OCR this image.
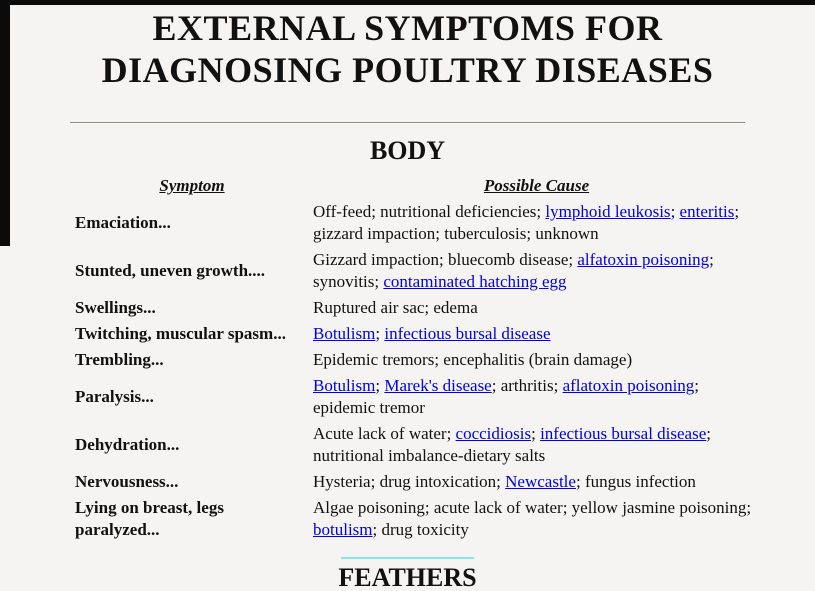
EXTERNAL SYMPTOMS FOR
DIAGNOSING POULTRY DISEASES
BODY
Symptom	Possible Cause
Emaciation...	Off-feed; nutritional deficiencies; lymphoid leukosis; enteritis; gizzard impaction; tuberculosis; unknown
Stunted, uneven growth....	Gizzard impaction; bluecomb disease; alfatoxin poisoning; synovitis; contaminated hatching egg
Swellings...	Ruptured air sac; edema
Twitching, muscular spasm...	Botulism; infectious bursal disease
Trembling...	Epidemic tremors; encephalitis (brain damage)
Paralysis...	Botulism; Marek's disease; arthritis; aflatoxin poisoning; epidemic tremor
Dehydration...	Acute lack of water; coccidiosis; infectious bursal disease; nutritional imbalance-dietary salts
Nervousness...	Hysteria; drug intoxication; Newcastle; fungus infection
Lying on breast, legs paralyzed...	Algae poisoning; acute lack of water; yellow jasmine poisoning; botulism; drug toxicity
FEATHERS
